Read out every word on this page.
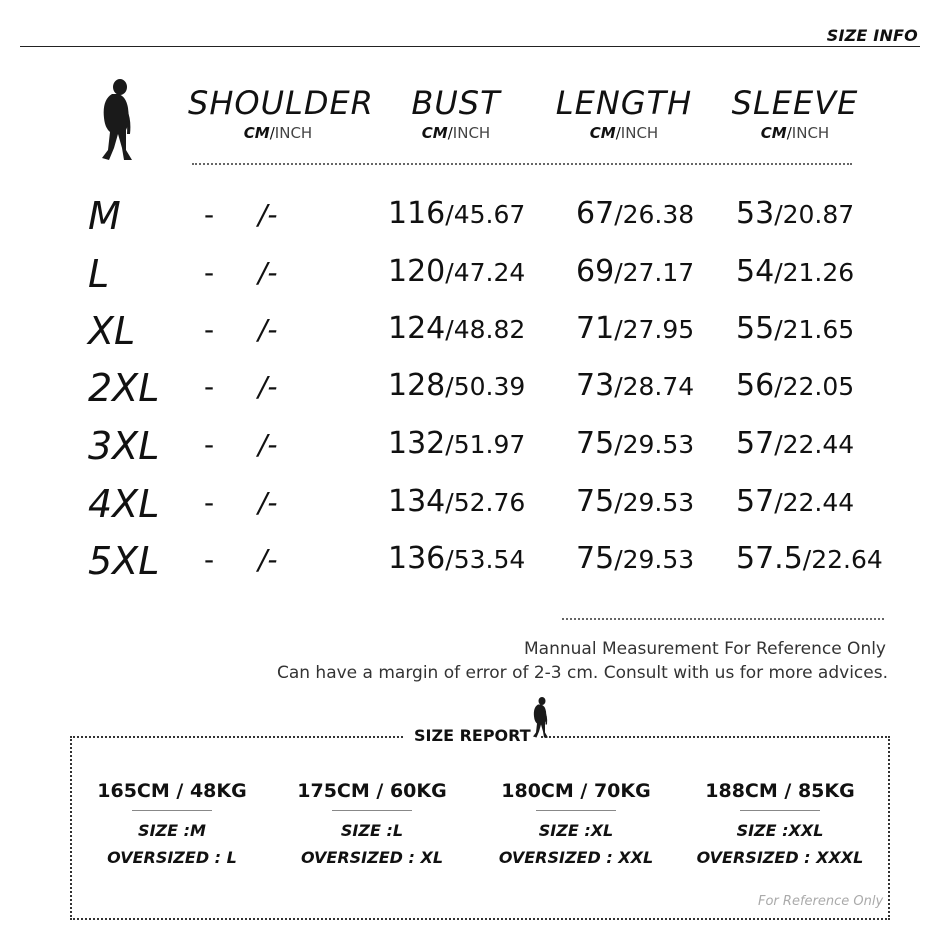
SIZE INFO
SHOULDER
CM/INCH
BUST
CM/INCH
LENGTH
CM/INCH
SLEEVE
CM/INCH
M	- /-	116/45.67 67/26.38 53/20.87
L	- /-	120/47.24 69/27.17 54/21.26
XL - /-	124/48.82 71/27.95 55/21.65
2XL - /-	128/50.39 73/28.74 56/22.05
3XL - /-	132/51.97 75/29.53 57/22.44
4XL - /-	134/52.76 75/29.53 57/22.44
5XL - /-	136/53.54 75/29.53 57.5/22.64
Mannual Measurement For Reference Only
Can have a margin of error of 2-3 cm. Consult with us for more advices.
SIZE REPORT
165CM / 48KG
SIZE :M
OVERSIZED : L
175CM / 60KG
SIZE :L
OVERSIZED : XL
180CM / 70KG
SIZE :XL
OVERSIZED : XXL
188CM / 85KG
SIZE :XXL
OVERSIZED : XXXL
For Reference Only
